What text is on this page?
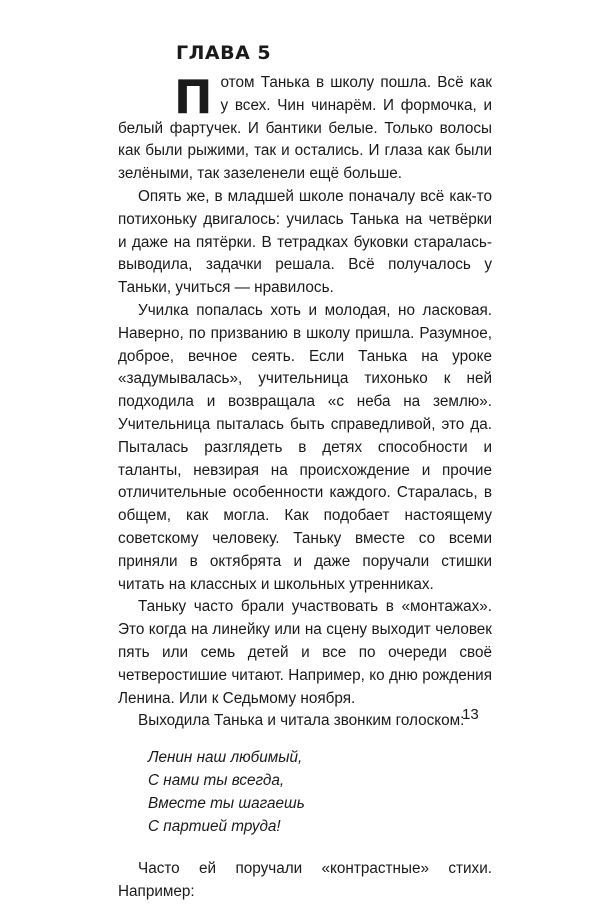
ГЛАВА 5

Потом Танька в школу пошла. Всё как у всех. Чин чинарём. И формочка, и белый фартучек. И бантики белые. Только волосы как были рыжими, так и остались. И глаза как были зелёными, так зазеленели ещё больше.

Опять же, в младшей школе поначалу всё как-то потихоньку двигалось: училась Танька на четвёрки и даже на пятёрки. В тетрадках буковки старалась-выводила, задачки решала. Всё получалось у Таньки, учиться — нравилось.

Училка попалась хоть и молодая, но ласковая. Наверно, по призванию в школу пришла. Разумное, доброе, вечное сеять. Если Танька на уроке «задумывалась», учительница тихонько к ней подходила и возвращала «с неба на землю». Учительница пыталась быть справедливой, это да. Пыталась разглядеть в детях способности и таланты, невзирая на происхождение и прочие отличительные особенности каждого. Старалась, в общем, как могла. Как подобает настоящему советскому человеку. Таньку вместе со всеми приняли в октябрята и даже поручали стишки читать на классных и школьных утренниках.

Таньку часто брали участвовать в «монтажах». Это когда на линейку или на сцену выходит человек пять или семь детей и все по очереди своё четверостишие читают. Например, ко дню рождения Ленина. Или к Седьмому ноября.

Выходила Танька и читала звонким голоском:

Ленин наш любимый,
С нами ты всегда,
Вместе ты шагаешь
С партией труда!

Часто ей поручали «контрастные» стихи. Например:

13
